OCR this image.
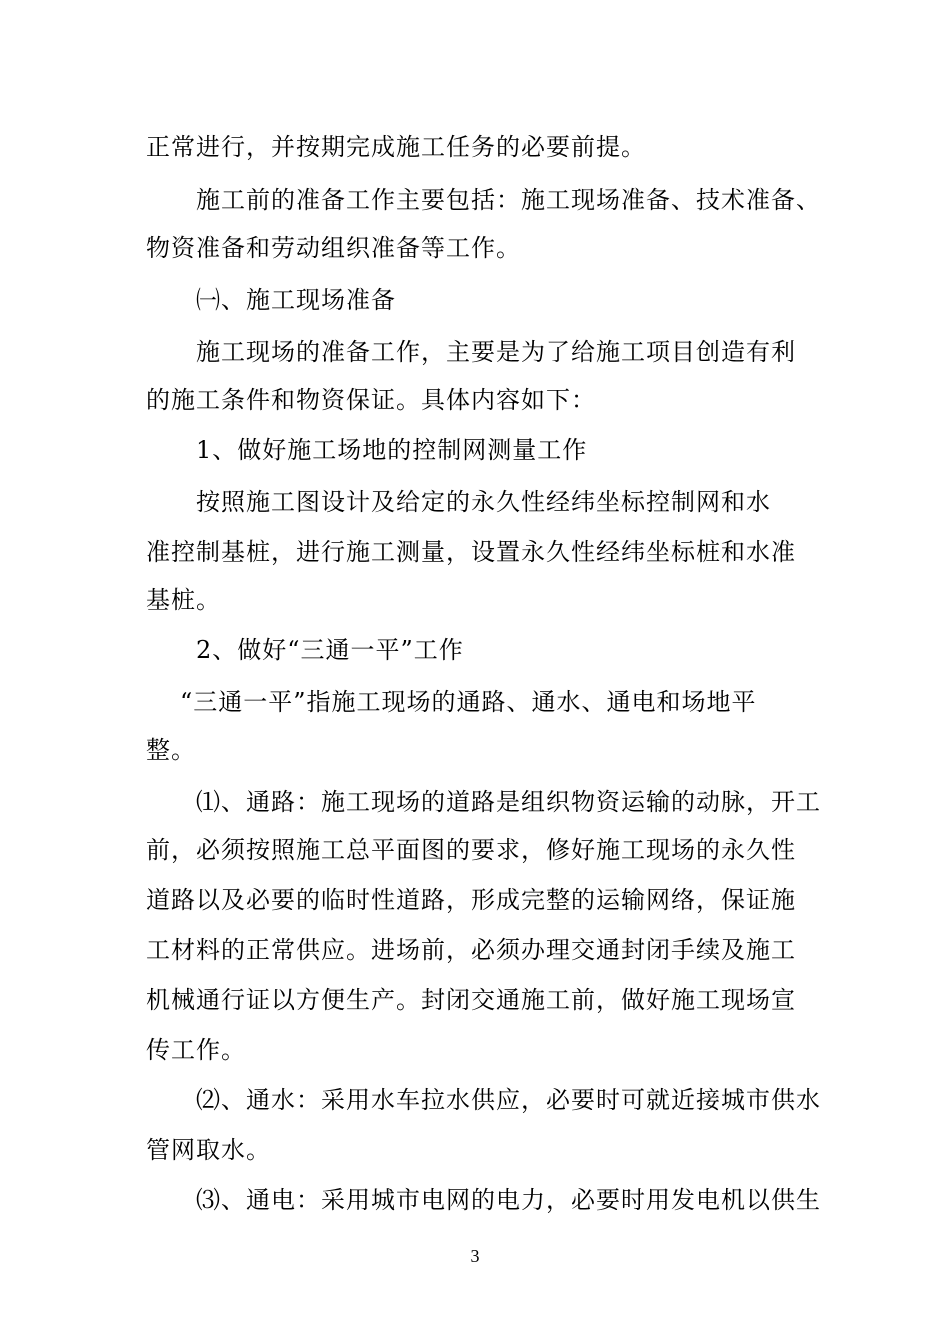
正常进行，并按期完成施工任务的必要前提。
施工前的准备工作主要包括：施工现场准备、技术准备、
物资准备和劳动组织准备等工作。
㈠、施工现场准备
施工现场的准备工作，主要是为了给施工项目创造有利
的施工条件和物资保证。具体内容如下：
1、做好施工场地的控制网测量工作
按照施工图设计及给定的永久性经纬坐标控制网和水
准控制基桩，进行施工测量，设置永久性经纬坐标桩和水准
基桩。
2、做好“三通一平”工作
“三通一平”指施工现场的通路、通水、通电和场地平
整。
⑴、通路：施工现场的道路是组织物资运输的动脉，开工
前，必须按照施工总平面图的要求，修好施工现场的永久性
道路以及必要的临时性道路，形成完整的运输网络，保证施
工材料的正常供应。进场前，必须办理交通封闭手续及施工
机械通行证以方便生产。封闭交通施工前，做好施工现场宣
传工作。
⑵、通水：采用水车拉水供应，必要时可就近接城市供水
管网取水。
⑶、通电：采用城市电网的电力，必要时用发电机以供生
3
